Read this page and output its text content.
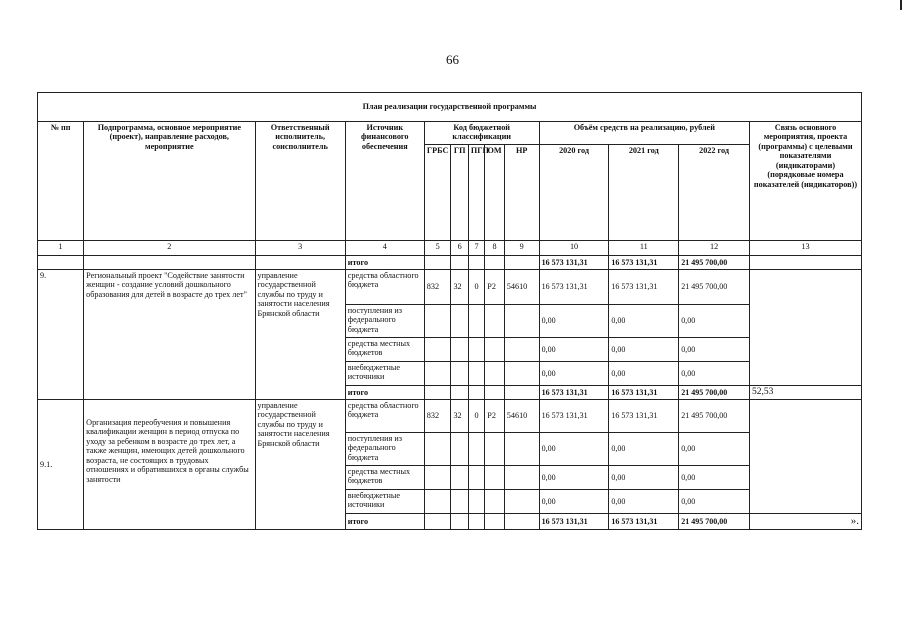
66
План реализации государственной программы												
№ пп	Подпрограмма, основное мероприятие (проект), направление расходов, мероприятие	Ответственный исполнитель, соисполнитель	Источник финансового обеспечения	Код бюджетной классификации					Объём средств на реализацию, рублей			Связь основного мероприятия, проекта (программы) с целевыми показателями (индикаторами) (порядковые номера показателей (индикаторов))
				ГРБС	ГП	ПГП	ОМ	НР	2020 год	2021 год	2022 год	
1	2	3	4	5	6	7	8	9	10	11	12	13
			итого						16 573 131,31	16 573 131,31	21 495 700,00	
9.	Региональный проект "Содействие занятости женщин - создание условий дошкольного образования для детей в возрасте до трех лет"	управление государственной службы по труду и занятости населения Брянской области	средства областного бюджета	832	32	0	Р2	54610	16 573 131,31	16 573 131,31	21 495 700,00	
			поступления из федерального бюджета						0,00	0,00	0,00	
			средства местных бюджетов						0,00	0,00	0,00	
			внебюджетные источники						0,00	0,00	0,00	
			итого						16 573 131,31	16 573 131,31	21 495 700,00	52,53
9.1.	Организация переобучения и повышения квалификации женщин в период отпуска по уходу за ребенком в возрасте до трех лет, а также женщин, имеющих детей дошкольного возраста, не состоящих в трудовых отношениях и обратившихся в органы службы занятости	управление государственной службы по труду и занятости населения Брянской области	средства областного бюджета	832	32	0	Р2	54610	16 573 131,31	16 573 131,31	21 495 700,00	
			поступления из федерального бюджета						0,00	0,00	0,00	
			средства местных бюджетов						0,00	0,00	0,00	
			внебюджетные источники						0,00	0,00	0,00	
			итого						16 573 131,31	16 573 131,31	21 495 700,00	».
